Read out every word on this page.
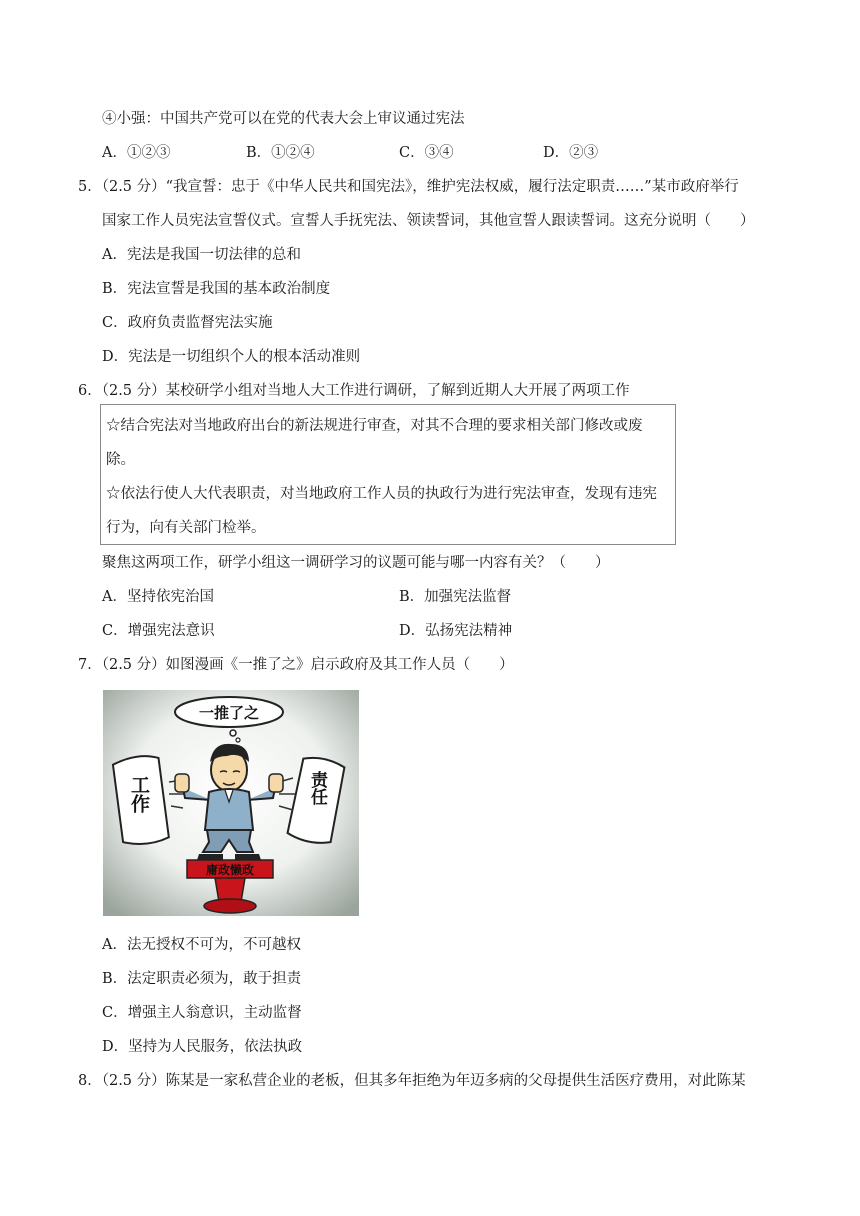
④小强：中国共产党可以在党的代表大会上审议通过宪法
A．①②③	B．①②④	C．③④	D．②③
5．（2.5 分）“我宣誓：忠于《中华人民共和国宪法》，维护宪法权威，履行法定职责……”某市政府举行
国家工作人员宪法宣誓仪式。宣誓人手抚宪法、领读誓词，其他宣誓人跟读誓词。这充分说明（　　）
A．宪法是我国一切法律的总和
B．宪法宣誓是我国的基本政治制度
C．政府负责监督宪法实施
D．宪法是一切组织个人的根本活动准则
6．（2.5 分）某校研学小组对当地人大工作进行调研，了解到近期人大开展了两项工作
☆结合宪法对当地政府出台的新法规进行审查，对其不合理的要求相关部门修改或废
除。
☆依法行使人大代表职责，对当地政府工作人员的执政行为进行宪法审查，发现有违宪
行为，向有关部门检举。
聚焦这两项工作，研学小组这一调研学习的议题可能与哪一内容有关？（　　）
A．坚持依宪治国	B．加强宪法监督
C．增强宪法意识	D．弘扬宪法精神
7．（2.5 分）如图漫画《一推了之》启示政府及其工作人员（　　）
一推了之
工作	责任
庸政懒政
A．法无授权不可为，不可越权
B．法定职责必须为，敢于担责
C．增强主人翁意识，主动监督
D．坚持为人民服务，依法执政
8．（2.5 分）陈某是一家私营企业的老板，但其多年拒绝为年迈多病的父母提供生活医疗费用，对此陈某
